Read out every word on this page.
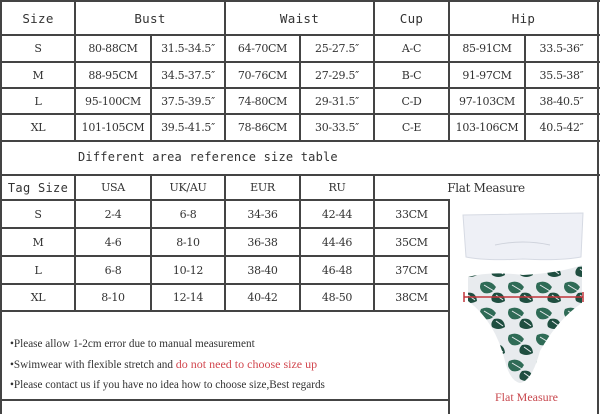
Size	Bust	Waist	Cup	Hip
S	80-88CM	31.5-34.5″	64-70CM	25-27.5″	A-C	85-91CM	33.5-36″
M	88-95CM	34.5-37.5″	70-76CM	27-29.5″	B-C	91-97CM	35.5-38″
L	95-100CM	37.5-39.5″	74-80CM	29-31.5″	C-D	97-103CM	38-40.5″
XL	101-105CM	39.5-41.5″	78-86CM	30-33.5″	C-E	103-106CM	40.5-42″
Different area reference size table
Tag Size	USA	UK/AU	EUR	RU	Flat Measure
S	2-4	6-8	34-36	42-44	33CM
M	4-6	8-10	36-38	44-46	35CM
L	6-8	10-12	38-40	46-48	37CM
XL	8-10	12-14	40-42	48-50	38CM
•Please allow 1-2cm error due to manual measurement
•Swimwear with flexible stretch and do not need to choose size up
•Please contact us if you have no idea how to choose size,Best regards
Flat Measure
